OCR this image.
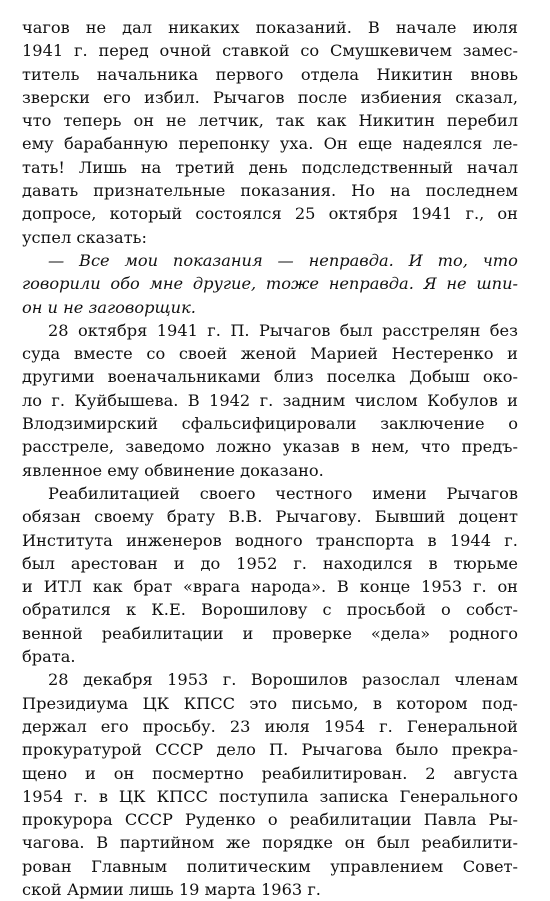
чагов не дал никаких показаний. В начале июля
1941 г. перед очной ставкой со Смушкевичем замес-
титель начальника первого отдела Никитин вновь
зверски его избил. Рычагов после избиения сказал,
что теперь он не летчик, так как Никитин перебил
ему барабанную перепонку уха. Он еще надеялся ле-
тать! Лишь на третий день подследственный начал
давать признательные показания. Но на последнем
допросе, который состоялся 25 октября 1941 г., он
успел сказать:
— Все мои показания — неправда. И то, что
говорили обо мне другие, тоже неправда. Я не шпи-
он и не заговорщик.
28 октября 1941 г. П. Рычагов был расстрелян без
суда вместе со своей женой Марией Нестеренко и
другими военачальниками близ поселка Добыш око-
ло г. Куйбышева. В 1942 г. задним числом Кобулов и
Влодзимирский сфальсифицировали заключение о
расстреле, заведомо ложно указав в нем, что предъ-
явленное ему обвинение доказано.
Реабилитацией своего честного имени Рычагов
обязан своему брату В.В. Рычагову. Бывший доцент
Института инженеров водного транспорта в 1944 г.
был арестован и до 1952 г. находился в тюрьме
и ИТЛ как брат «врага народа». В конце 1953 г. он
обратился к К.Е. Ворошилову с просьбой о собст-
венной реабилитации и проверке «дела» родного
брата.
28 декабря 1953 г. Ворошилов разослал членам
Президиума ЦК КПСС это письмо, в котором под-
держал его просьбу. 23 июля 1954 г. Генеральной
прокуратурой СССР дело П. Рычагова было прекра-
щено и он посмертно реабилитирован. 2 августа
1954 г. в ЦК КПСС поступила записка Генерального
прокурора СССР Руденко о реабилитации Павла Ры-
чагова. В партийном же порядке он был реабилити-
рован Главным политическим управлением Совет-
ской Армии лишь 19 марта 1963 г.
